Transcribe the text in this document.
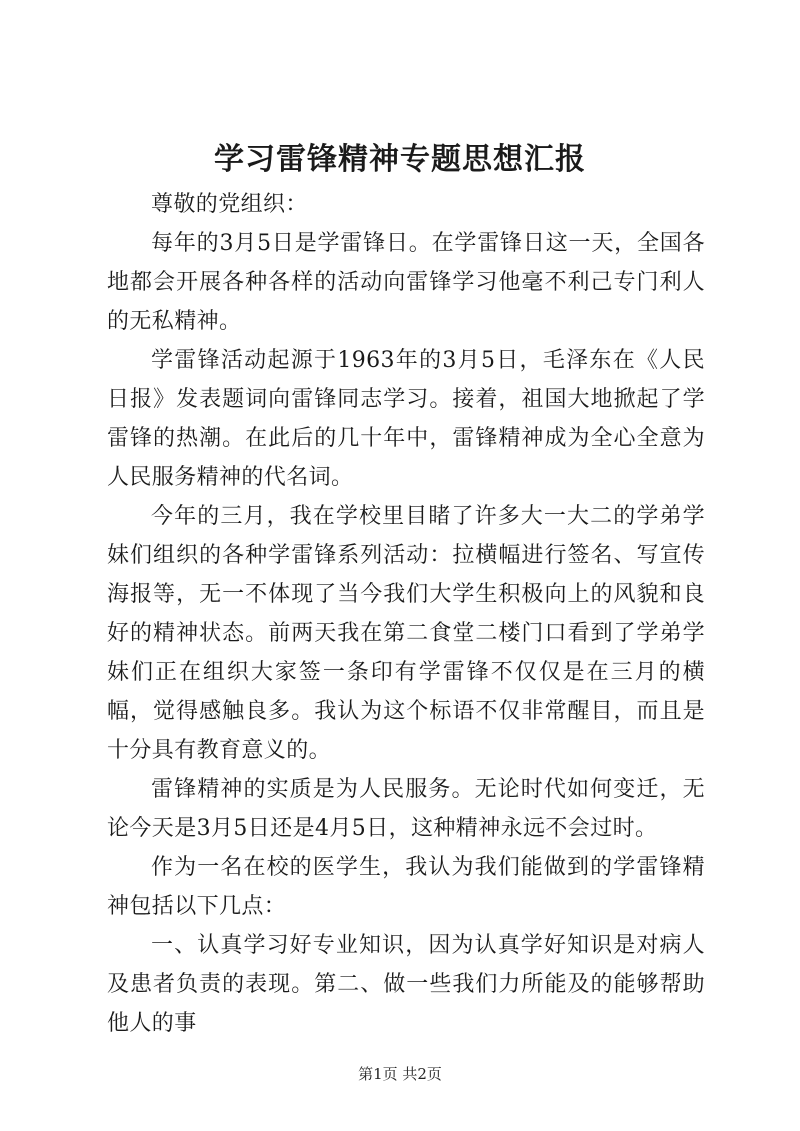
学习雷锋精神专题思想汇报

尊敬的党组织：

每年的3月5日是学雷锋日。在学雷锋日这一天，全国各地都会开展各种各样的活动向雷锋学习他毫不利己专门利人的无私精神。

学雷锋活动起源于1963年的3月5日，毛泽东在《人民日报》发表题词向雷锋同志学习。接着，祖国大地掀起了学雷锋的热潮。在此后的几十年中，雷锋精神成为全心全意为人民服务精神的代名词。

今年的三月，我在学校里目睹了许多大一大二的学弟学妹们组织的各种学雷锋系列活动：拉横幅进行签名、写宣传海报等，无一不体现了当今我们大学生积极向上的风貌和良好的精神状态。前两天我在第二食堂二楼门口看到了学弟学妹们正在组织大家签一条印有学雷锋不仅仅是在三月的横幅，觉得感触良多。我认为这个标语不仅非常醒目，而且是十分具有教育意义的。

雷锋精神的实质是为人民服务。无论时代如何变迁，无论今天是3月5日还是4月5日，这种精神永远不会过时。

作为一名在校的医学生，我认为我们能做到的学雷锋精神包括以下几点：

一、认真学习好专业知识，因为认真学好知识是对病人及患者负责的表现。第二、做一些我们力所能及的能够帮助他人的事

第1页 共2页
